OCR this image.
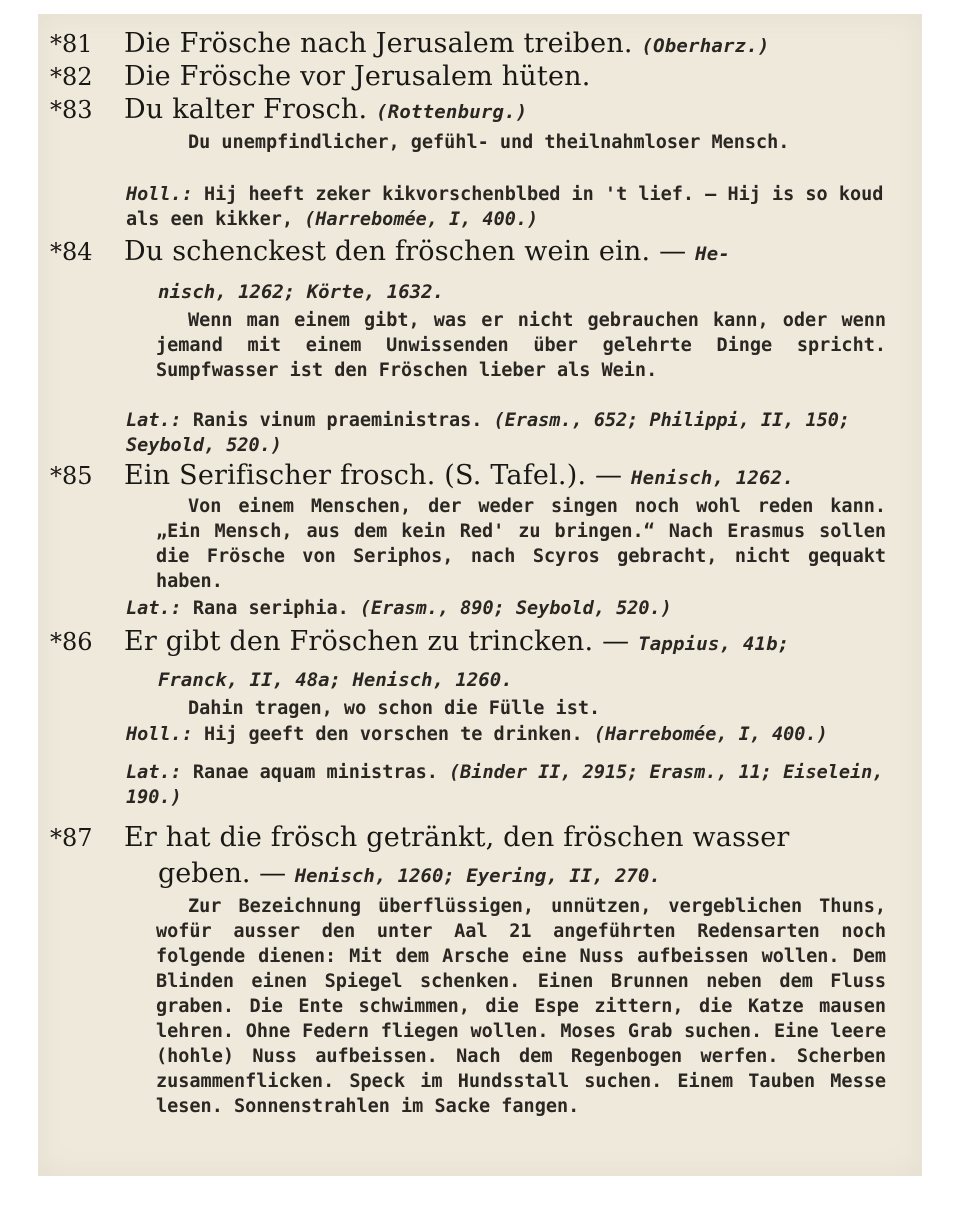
*81 Die Frösche nach Jerusalem treiben. (Oberharz.)
*82 Die Frösche vor Jerusalem hüten.
*83 Du kalter Frosch. (Rottenburg.)
Du unempfindlicher, gefühl- und theilnahmloser Mensch.
Holl.: Hij heeft zeker kikvorschenblbed in 't lief. — Hij is so koud als een kikker, (Harrebomée, I, 400.)
*84 Du schenckest den fröschen wein ein. — He-
nisch, 1262; Körte, 1632.
Wenn man einem gibt, was er nicht gebrauchen kann, oder wenn jemand mit einem Unwissenden über gelehrte Dinge spricht. Sumpfwasser ist den Fröschen lieber als Wein.
Lat.: Ranis vinum praeministras. (Erasm., 652; Philippi, II, 150; Seybold, 520.)
*85 Ein Serifischer frosch. (S. Tafel.). — Henisch, 1262.
Von einem Menschen, der weder singen noch wohl reden kann. „Ein Mensch, aus dem kein Red' zu bringen.“ Nach Erasmus sollen die Frösche von Seriphos, nach Scyros gebracht, nicht gequakt haben.
Lat.: Rana seriphia. (Erasm., 890; Seybold, 520.)
*86 Er gibt den Fröschen zu trincken. — Tappius, 41b;
Franck, II, 48a; Henisch, 1260.
Dahin tragen, wo schon die Fülle ist.
Holl.: Hij geeft den vorschen te drinken. (Harrebomée, I, 400.)
Lat.: Ranae aquam ministras. (Binder II, 2915; Erasm., 11; Eiselein, 190.)
*87 Er hat die frösch getränkt, den fröschen wasser
geben. — Henisch, 1260; Eyering, II, 270.
Zur Bezeichnung überflüssigen, unnützen, vergeblichen Thuns, wofür ausser den unter Aal 21 angeführten Redensarten noch folgende dienen: Mit dem Arsche eine Nuss aufbeissen wollen. Dem Blinden einen Spiegel schenken. Einen Brunnen neben dem Fluss graben. Die Ente schwimmen, die Espe zittern, die Katze mausen lehren. Ohne Federn fliegen wollen. Moses Grab suchen. Eine leere (hohle) Nuss aufbeissen. Nach dem Regenbogen werfen. Scherben zusammenflicken. Speck im Hundsstall suchen. Einem Tauben Messe lesen. Sonnenstrahlen im Sacke fangen.
